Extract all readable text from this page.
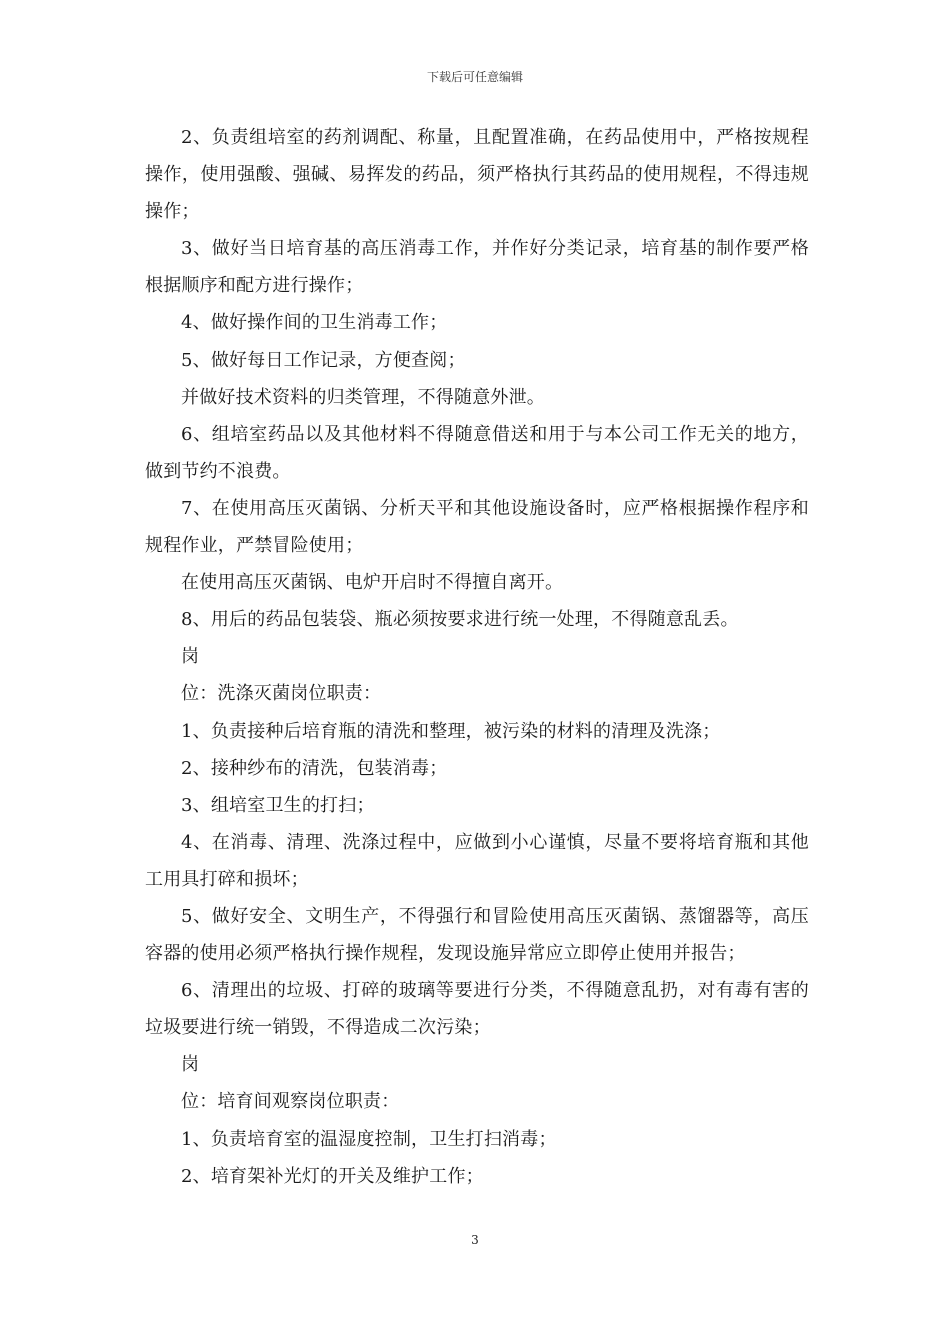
下载后可任意编辑

2、负责组培室的药剂调配、称量，且配置准确，在药品使用中，严格按规程操作，使用强酸、强碱、易挥发的药品，须严格执行其药品的使用规程，不得违规操作；

3、做好当日培育基的高压消毒工作，并作好分类记录，培育基的制作要严格根据顺序和配方进行操作；

4、做好操作间的卫生消毒工作；

5、做好每日工作记录，方便查阅；

并做好技术资料的归类管理，不得随意外泄。

6、组培室药品以及其他材料不得随意借送和用于与本公司工作无关的地方，做到节约不浪费。

7、在使用高压灭菌锅、分析天平和其他设施设备时，应严格根据操作程序和规程作业，严禁冒险使用；

在使用高压灭菌锅、电炉开启时不得擅自离开。

8、用后的药品包装袋、瓶必须按要求进行统一处理，不得随意乱丢。

岗

位：洗涤灭菌岗位职责：

1、负责接种后培育瓶的清洗和整理，被污染的材料的清理及洗涤；

2、接种纱布的清洗，包装消毒；

3、组培室卫生的打扫；

4、在消毒、清理、洗涤过程中，应做到小心谨慎，尽量不要将培育瓶和其他工用具打碎和损坏；

5、做好安全、文明生产，不得强行和冒险使用高压灭菌锅、蒸馏器等，高压容器的使用必须严格执行操作规程，发现设施异常应立即停止使用并报告；

6、清理出的垃圾、打碎的玻璃等要进行分类，不得随意乱扔，对有毒有害的垃圾要进行统一销毁，不得造成二次污染；

岗

位：培育间观察岗位职责：

1、负责培育室的温湿度控制，卫生打扫消毒；

2、培育架补光灯的开关及维护工作；

3
